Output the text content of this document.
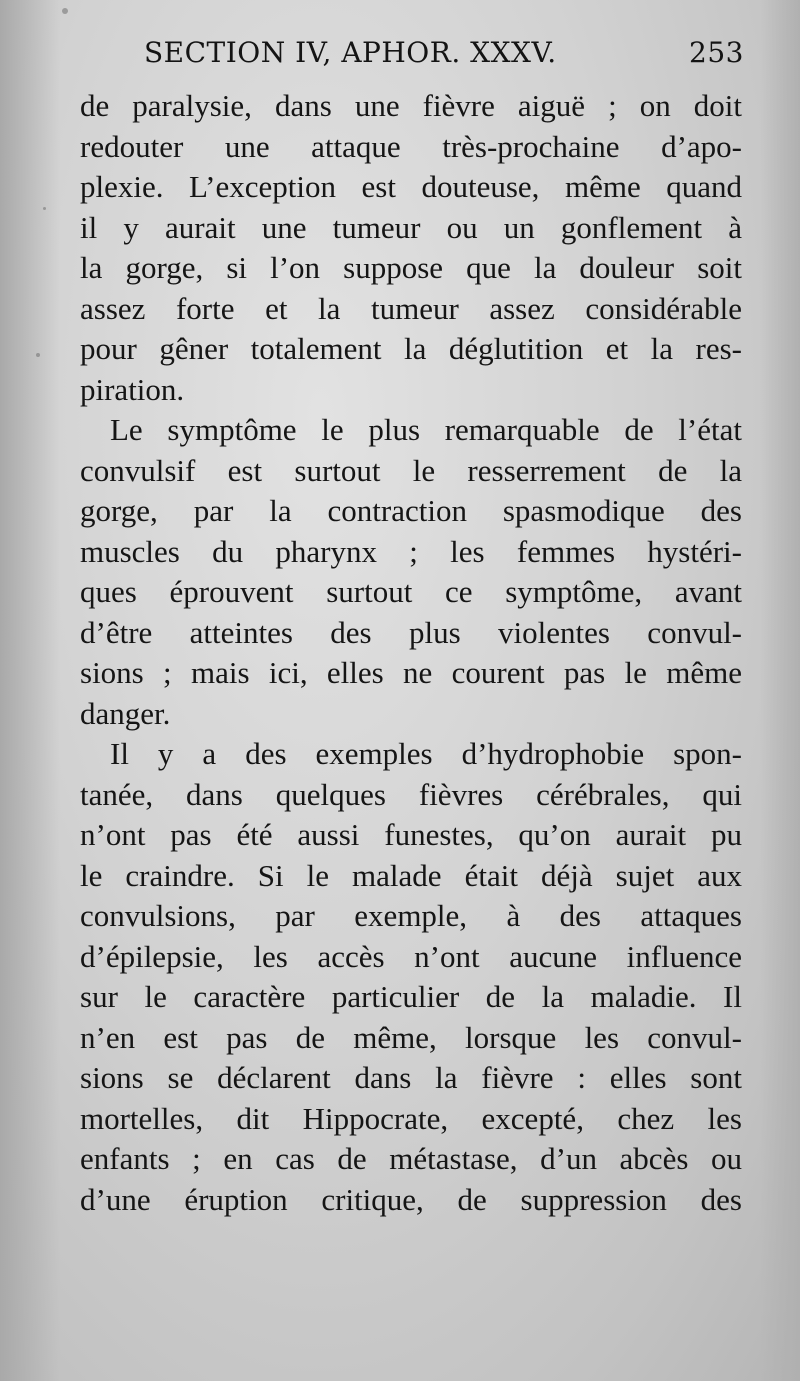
SECTION IV, APHOR. XXXV.	253
de paralysie, dans une fièvre aiguë ; on doit
redouter une attaque très-prochaine d’apo-
plexie. L’exception est douteuse, même quand
il y aurait une tumeur ou un gonflement à
la gorge, si l’on suppose que la douleur soit
assez forte et la tumeur assez considérable
pour gêner totalement la déglutition et la res-
piration.
Le symptôme le plus remarquable de l’état
convulsif est surtout le resserrement de la
gorge, par la contraction spasmodique des
muscles du pharynx ; les femmes hystéri-
ques éprouvent surtout ce symptôme, avant
d’être atteintes des plus violentes convul-
sions ; mais ici, elles ne courent pas le même
danger.
Il y a des exemples d’hydrophobie spon-
tanée, dans quelques fièvres cérébrales, qui
n’ont pas été aussi funestes, qu’on aurait pu
le craindre. Si le malade était déjà sujet aux
convulsions, par exemple, à des attaques
d’épilepsie, les accès n’ont aucune influence
sur le caractère particulier de la maladie. Il
n’en est pas de même, lorsque les convul-
sions se déclarent dans la fièvre : elles sont
mortelles, dit Hippocrate, excepté, chez les
enfants ; en cas de métastase, d’un abcès ou
d’une éruption critique, de suppression des
